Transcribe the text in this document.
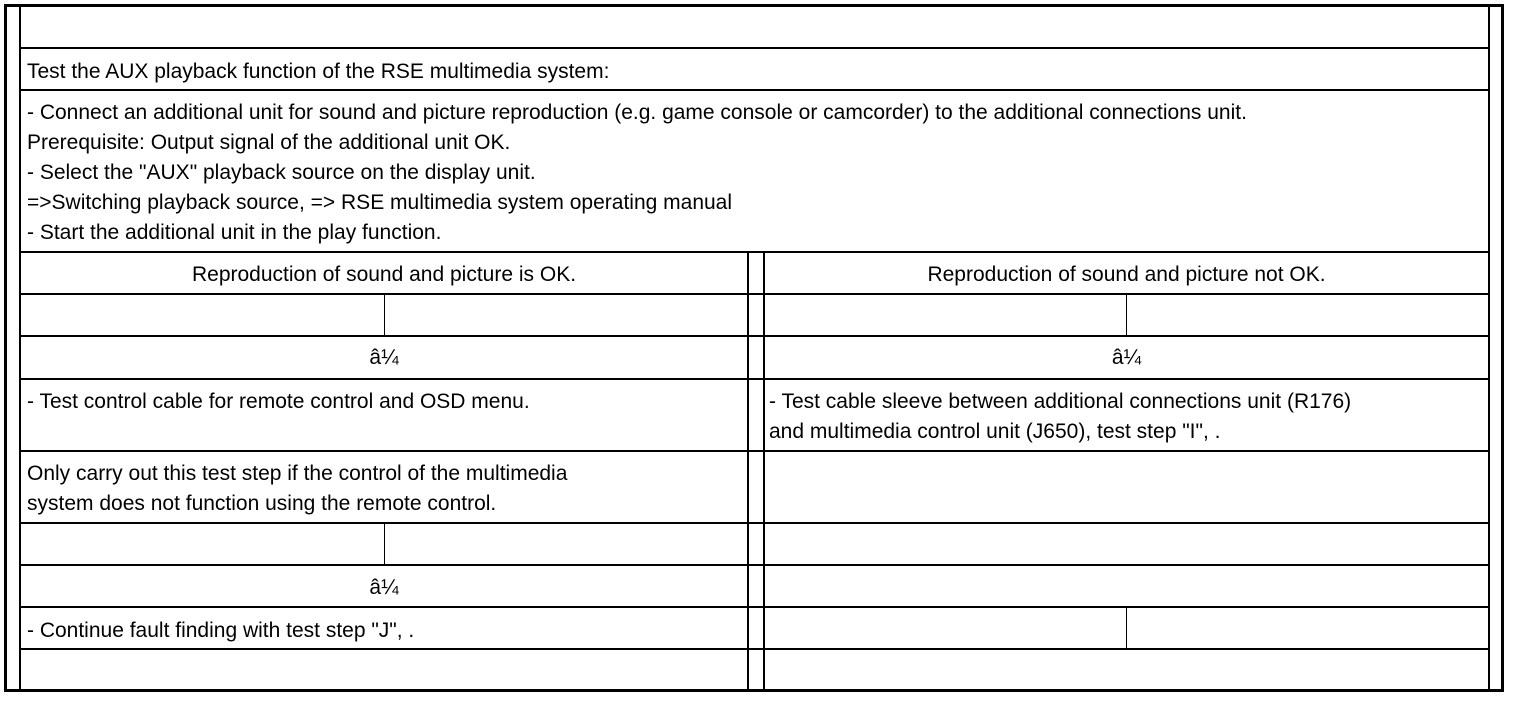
Test the AUX playback function of the RSE multimedia system:
- Connect an additional unit for sound and picture reproduction (e.g. game console or camcorder) to the additional connections unit.
Prerequisite: Output signal of the additional unit OK.
- Select the "AUX" playback source on the display unit.
=>Switching playback source, => RSE multimedia system operating manual
- Start the additional unit in the play function.
Reproduction of sound and picture is OK.
â¼
- Test control cable for remote control and OSD menu.
Only carry out this test step if the control of the multimedia
system does not function using the remote control.
â¼
- Continue fault finding with test step "J", .
Reproduction of sound and picture not OK.
â¼
- Test cable sleeve between additional connections unit (R176)
and multimedia control unit (J650), test step "I", .
